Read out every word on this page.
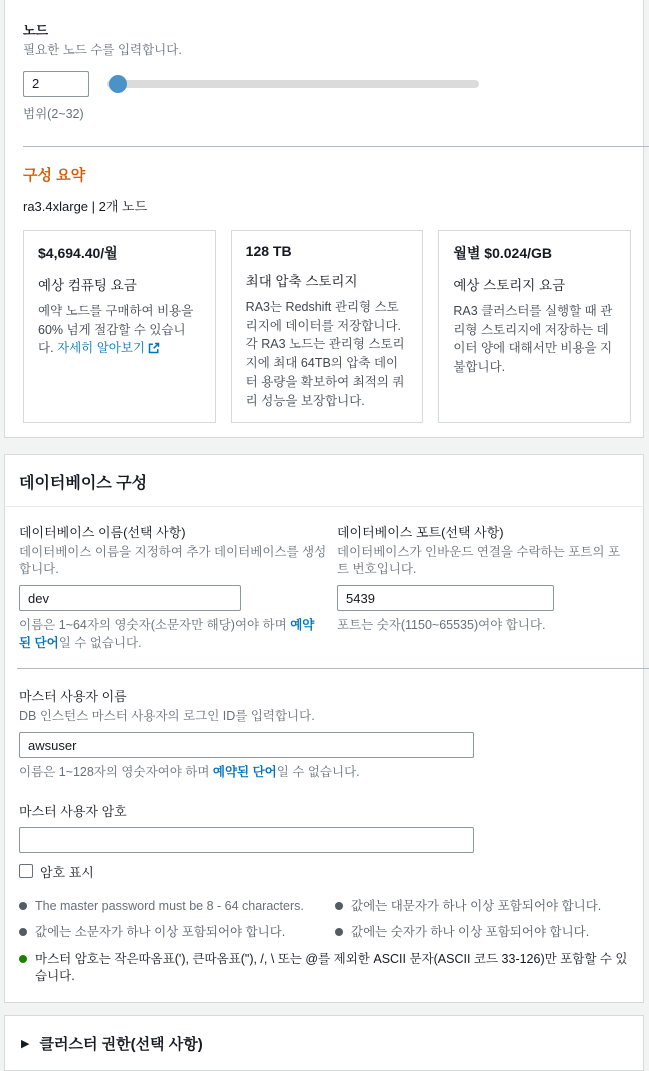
노드
필요한 노드 수를 입력합니다.
2
범위(2~32)
구성 요약
ra3.4xlarge | 2개 노드
$4,694.40/월
예상 컴퓨팅 요금
예약 노드를 구매하여 비용을 60% 넘게 절감할 수 있습니다. 자세히 알아보기
128 TB
최대 압축 스토리지
RA3는 Redshift 관리형 스토리지에 데이터를 저장합니다. 각 RA3 노드는 관리형 스토리지에 최대 64TB의 압축 데이터 용량을 확보하여 최적의 쿼리 성능을 보장합니다.
월별 $0.024/GB
예상 스토리지 요금
RA3 클러스터를 실행할 때 관리형 스토리지에 저장하는 데이터 양에 대해서만 비용을 지불합니다.
데이터베이스 구성
데이터베이스 이름(선택 사항)
데이터베이스 이름을 지정하여 추가 데이터베이스를 생성합니다.
dev
이름은 1~64자의 영숫자(소문자만 해당)여야 하며 예약된 단어일 수 없습니다.
데이터베이스 포트(선택 사항)
데이터베이스가 인바운드 연결을 수락하는 포트의 포트 번호입니다.
5439
포트는 숫자(1150~65535)여야 합니다.
마스터 사용자 이름
DB 인스턴스 마스터 사용자의 로그인 ID를 입력합니다.
awsuser
이름은 1~128자의 영숫자여야 하며 예약된 단어일 수 없습니다.
마스터 사용자 암호
암호 표시
The master password must be 8 - 64 characters.	값에는 대문자가 하나 이상 포함되어야 합니다.
값에는 소문자가 하나 이상 포함되어야 합니다.	값에는 숫자가 하나 이상 포함되어야 합니다.
마스터 암호는 작은따옴표('), 큰따옴표("), /, \ 또는 @를 제외한 ASCII 문자(ASCII 코드 33-126)만 포함할 수 있습니다.
▶ 클러스터 권한(선택 사항)
